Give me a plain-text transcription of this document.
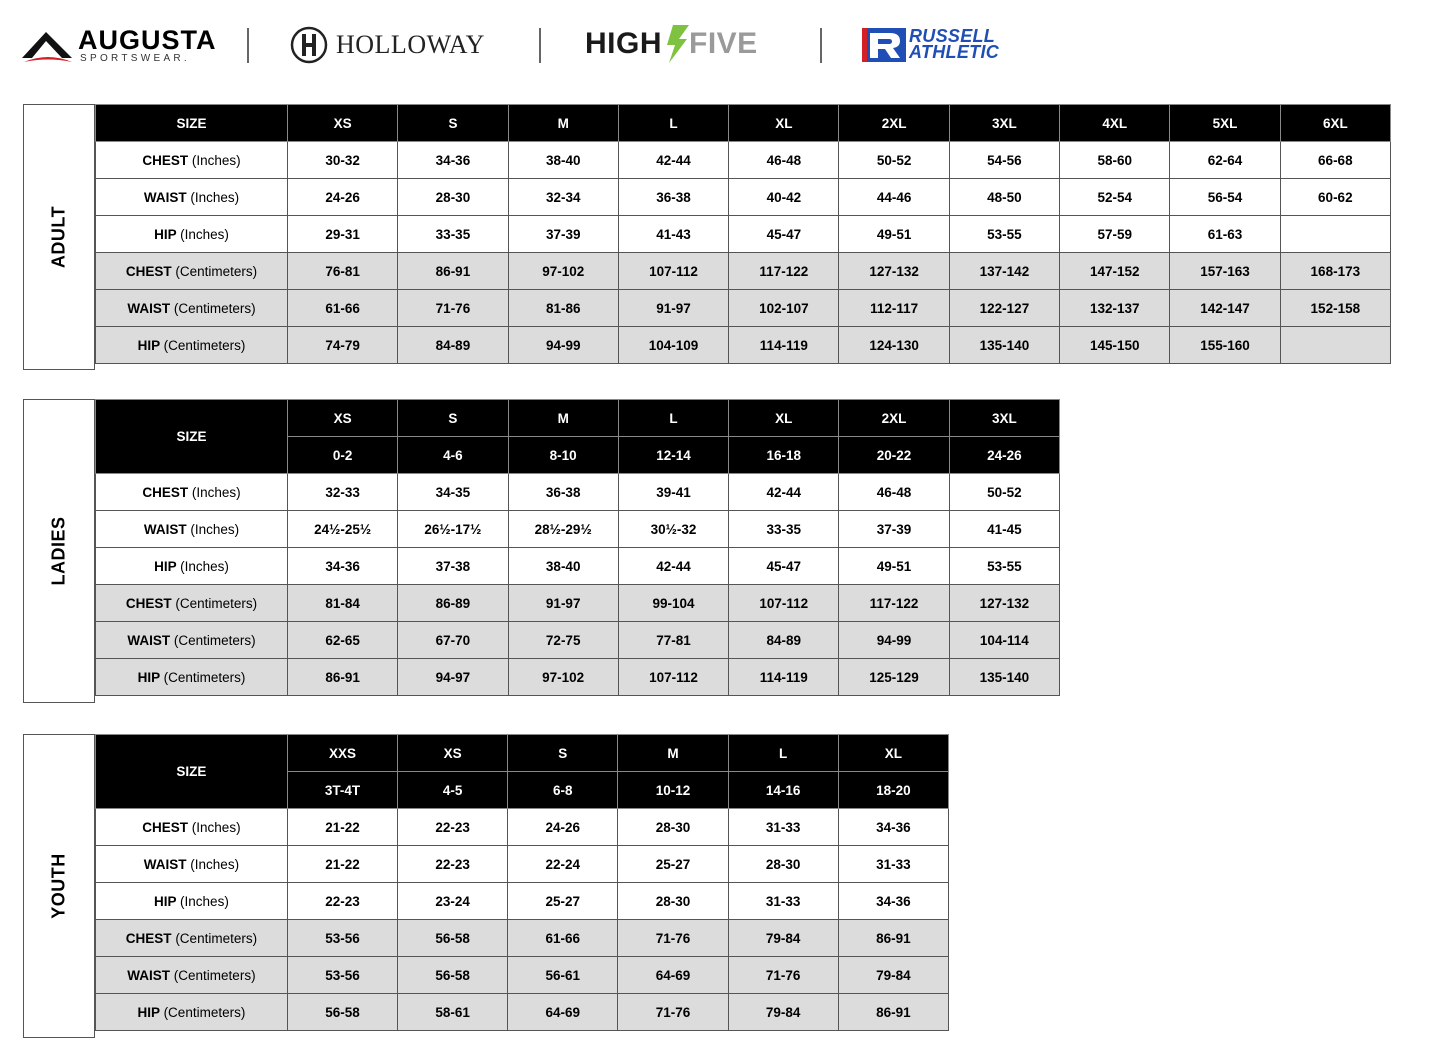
AUGUSTA
SPORTSWEAR.	HOLLOWAY	HIGH FIVE	RUSSELL
ATHLETIC
ADULT
SIZE	XS	S	M	L	XL	2XL	3XL	4XL	5XL	6XL
CHEST (Inches)	30-32	34-36	38-40	42-44	46-48	50-52	54-56	58-60	62-64	66-68
WAIST (Inches)	24-26	28-30	32-34	36-38	40-42	44-46	48-50	52-54	56-54	60-62
HIP (Inches)	29-31	33-35	37-39	41-43	45-47	49-51	53-55	57-59	61-63	
CHEST (Centimeters)	76-81	86-91	97-102	107-112	117-122	127-132	137-142	147-152	157-163	168-173
WAIST (Centimeters)	61-66	71-76	81-86	91-97	102-107	112-117	122-127	132-137	142-147	152-158
HIP (Centimeters)	74-79	84-89	94-99	104-109	114-119	124-130	135-140	145-150	155-160	
LADIES
SIZE	XS	S	M	L	XL	2XL	3XL
	0-2	4-6	8-10	12-14	16-18	20-22	24-26
CHEST (Inches)	32-33	34-35	36-38	39-41	42-44	46-48	50-52
WAIST (Inches)	24½-25½	26½-17½	28½-29½	30½-32	33-35	37-39	41-45
HIP (Inches)	34-36	37-38	38-40	42-44	45-47	49-51	53-55
CHEST (Centimeters)	81-84	86-89	91-97	99-104	107-112	117-122	127-132
WAIST (Centimeters)	62-65	67-70	72-75	77-81	84-89	94-99	104-114
HIP (Centimeters)	86-91	94-97	97-102	107-112	114-119	125-129	135-140
YOUTH
SIZE	XXS	XS	S	M	L	XL
	3T-4T	4-5	6-8	10-12	14-16	18-20
CHEST (Inches)	21-22	22-23	24-26	28-30	31-33	34-36
WAIST (Inches)	21-22	22-23	22-24	25-27	28-30	31-33
HIP (Inches)	22-23	23-24	25-27	28-30	31-33	34-36
CHEST (Centimeters)	53-56	56-58	61-66	71-76	79-84	86-91
WAIST (Centimeters)	53-56	56-58	56-61	64-69	71-76	79-84
HIP (Centimeters)	56-58	58-61	64-69	71-76	79-84	86-91
